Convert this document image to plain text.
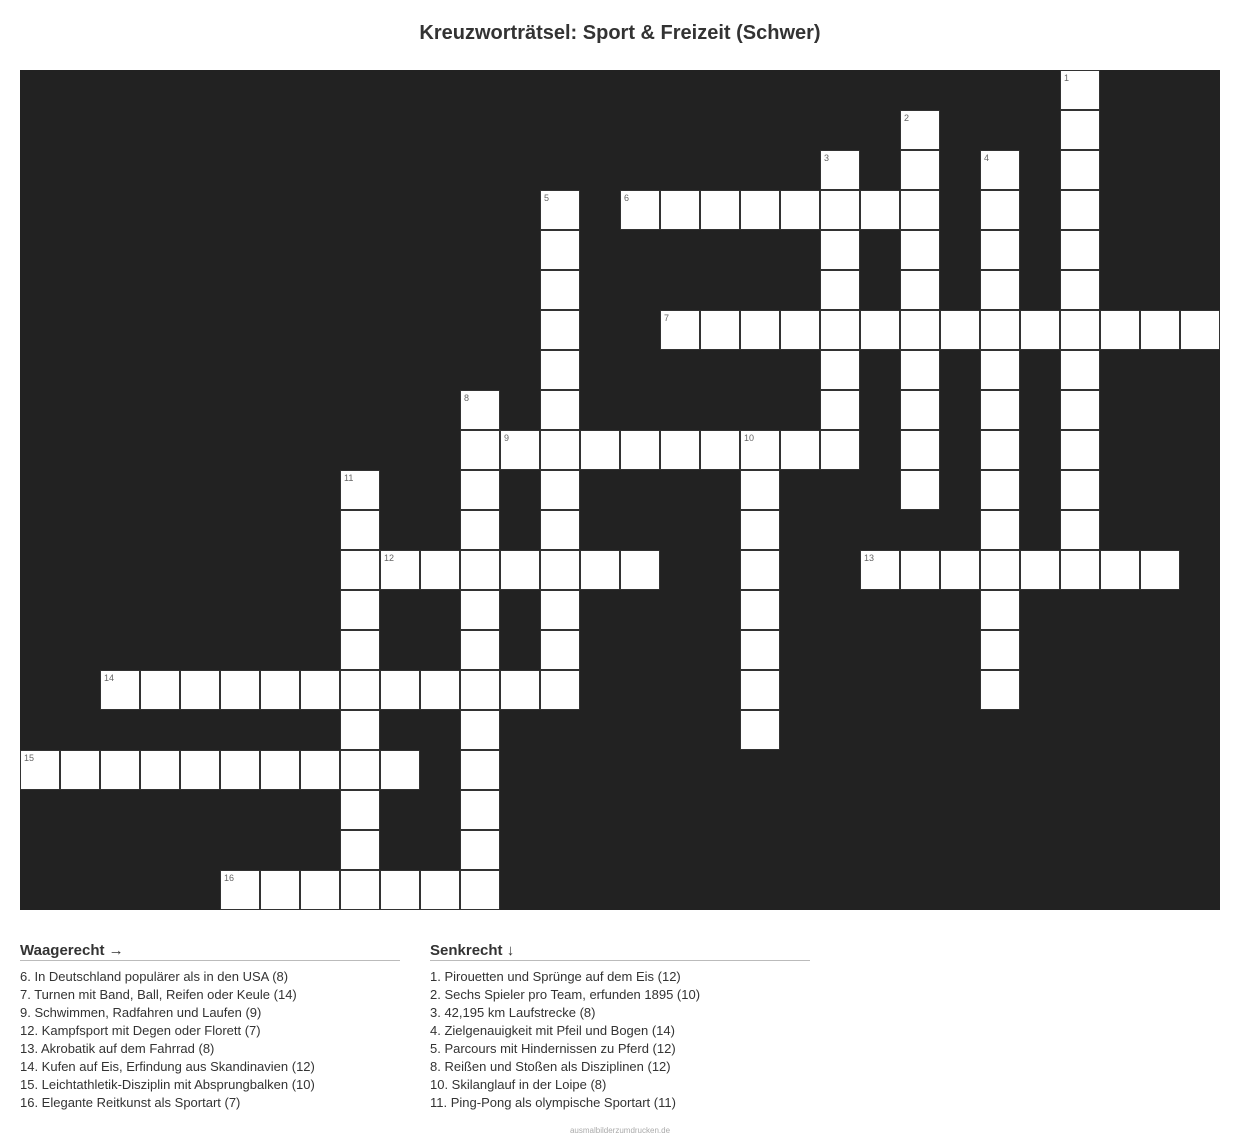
Kreuzworträtsel: Sport & Freizeit (Schwer)
1
2
3	4
5	6
7
8
9	10
11
12	13
14
15
16
Waagerecht →
6. In Deutschland populärer als in den USA (8)
7. Turnen mit Band, Ball, Reifen oder Keule (14)
9. Schwimmen, Radfahren und Laufen (9)
12. Kampfsport mit Degen oder Florett (7)
13. Akrobatik auf dem Fahrrad (8)
14. Kufen auf Eis, Erfindung aus Skandinavien (12)
15. Leichtathletik-Disziplin mit Absprungbalken (10)
16. Elegante Reitkunst als Sportart (7)
Senkrecht ↓
1. Pirouetten und Sprünge auf dem Eis (12)
2. Sechs Spieler pro Team, erfunden 1895 (10)
3. 42,195 km Laufstrecke (8)
4. Zielgenauigkeit mit Pfeil und Bogen (14)
5. Parcours mit Hindernissen zu Pferd (12)
8. Reißen und Stoßen als Disziplinen (12)
10. Skilanglauf in der Loipe (8)
11. Ping-Pong als olympische Sportart (11)
ausmalbilderzumdrucken.de
